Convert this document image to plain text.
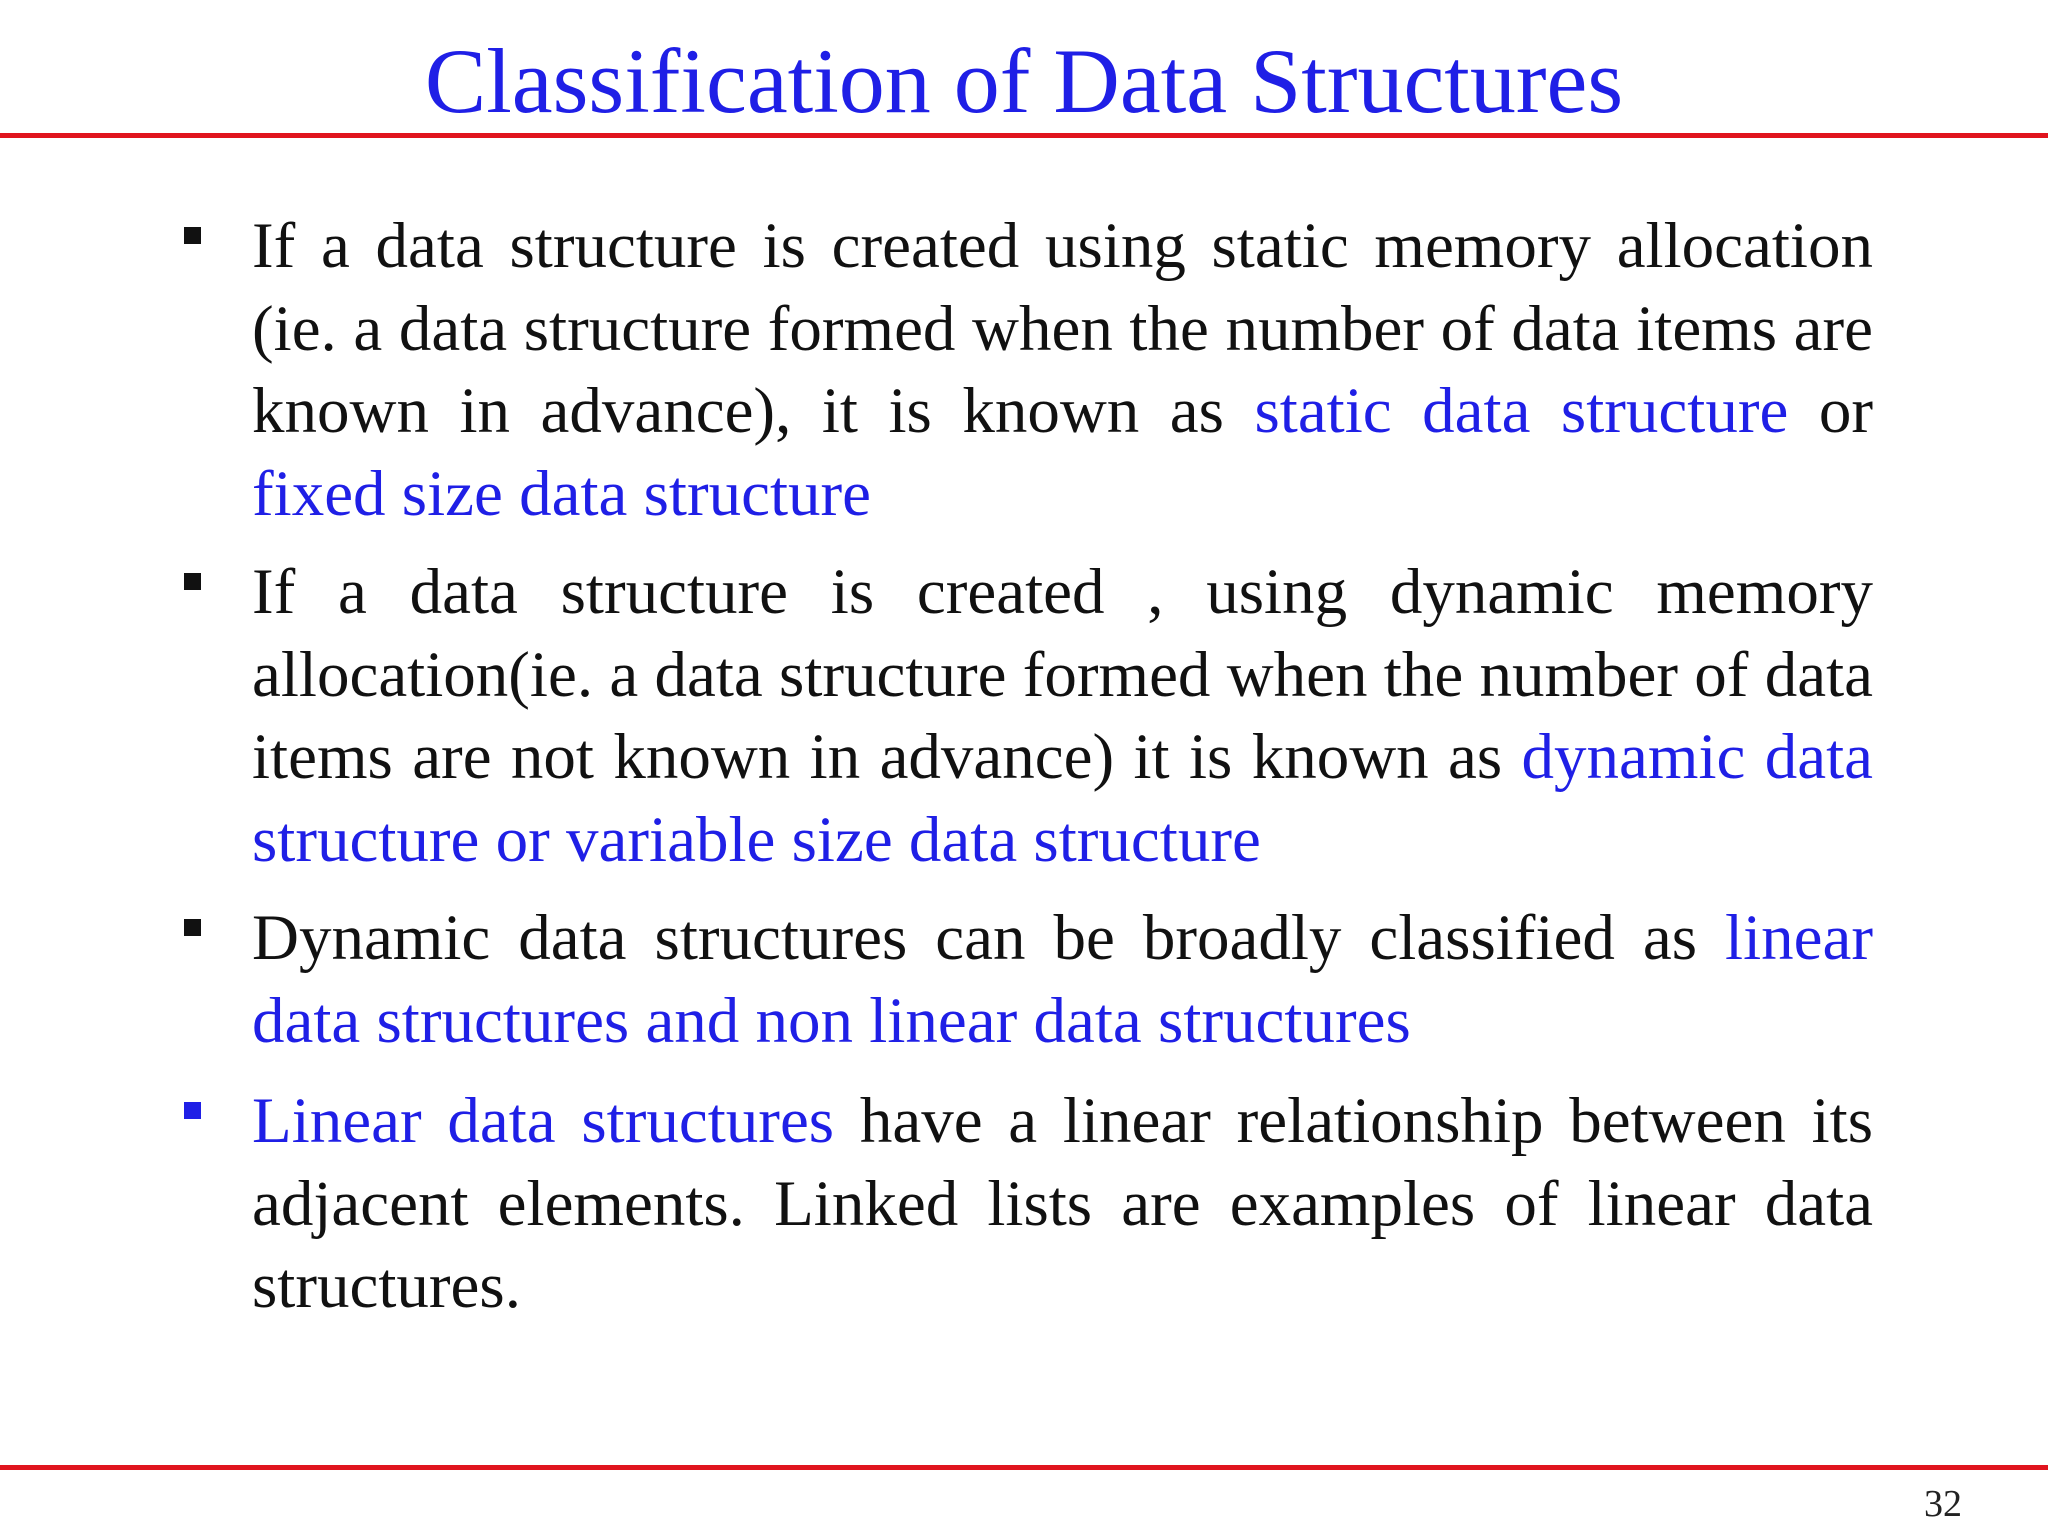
Classification of Data Structures
If a data structure is created using static memory allocation (ie. a data structure formed when the number of data items are known in advance), it is known as static data structure or fixed size data structure
If a data structure is created , using dynamic memory allocation(ie. a data structure formed when the number of data items are not known in advance) it is known as dynamic data structure or variable size data structure
Dynamic data structures can be broadly classified as linear data structures and non linear data structures
Linear data structures have a linear relationship between its adjacent elements. Linked lists are examples of linear data structures.
32
